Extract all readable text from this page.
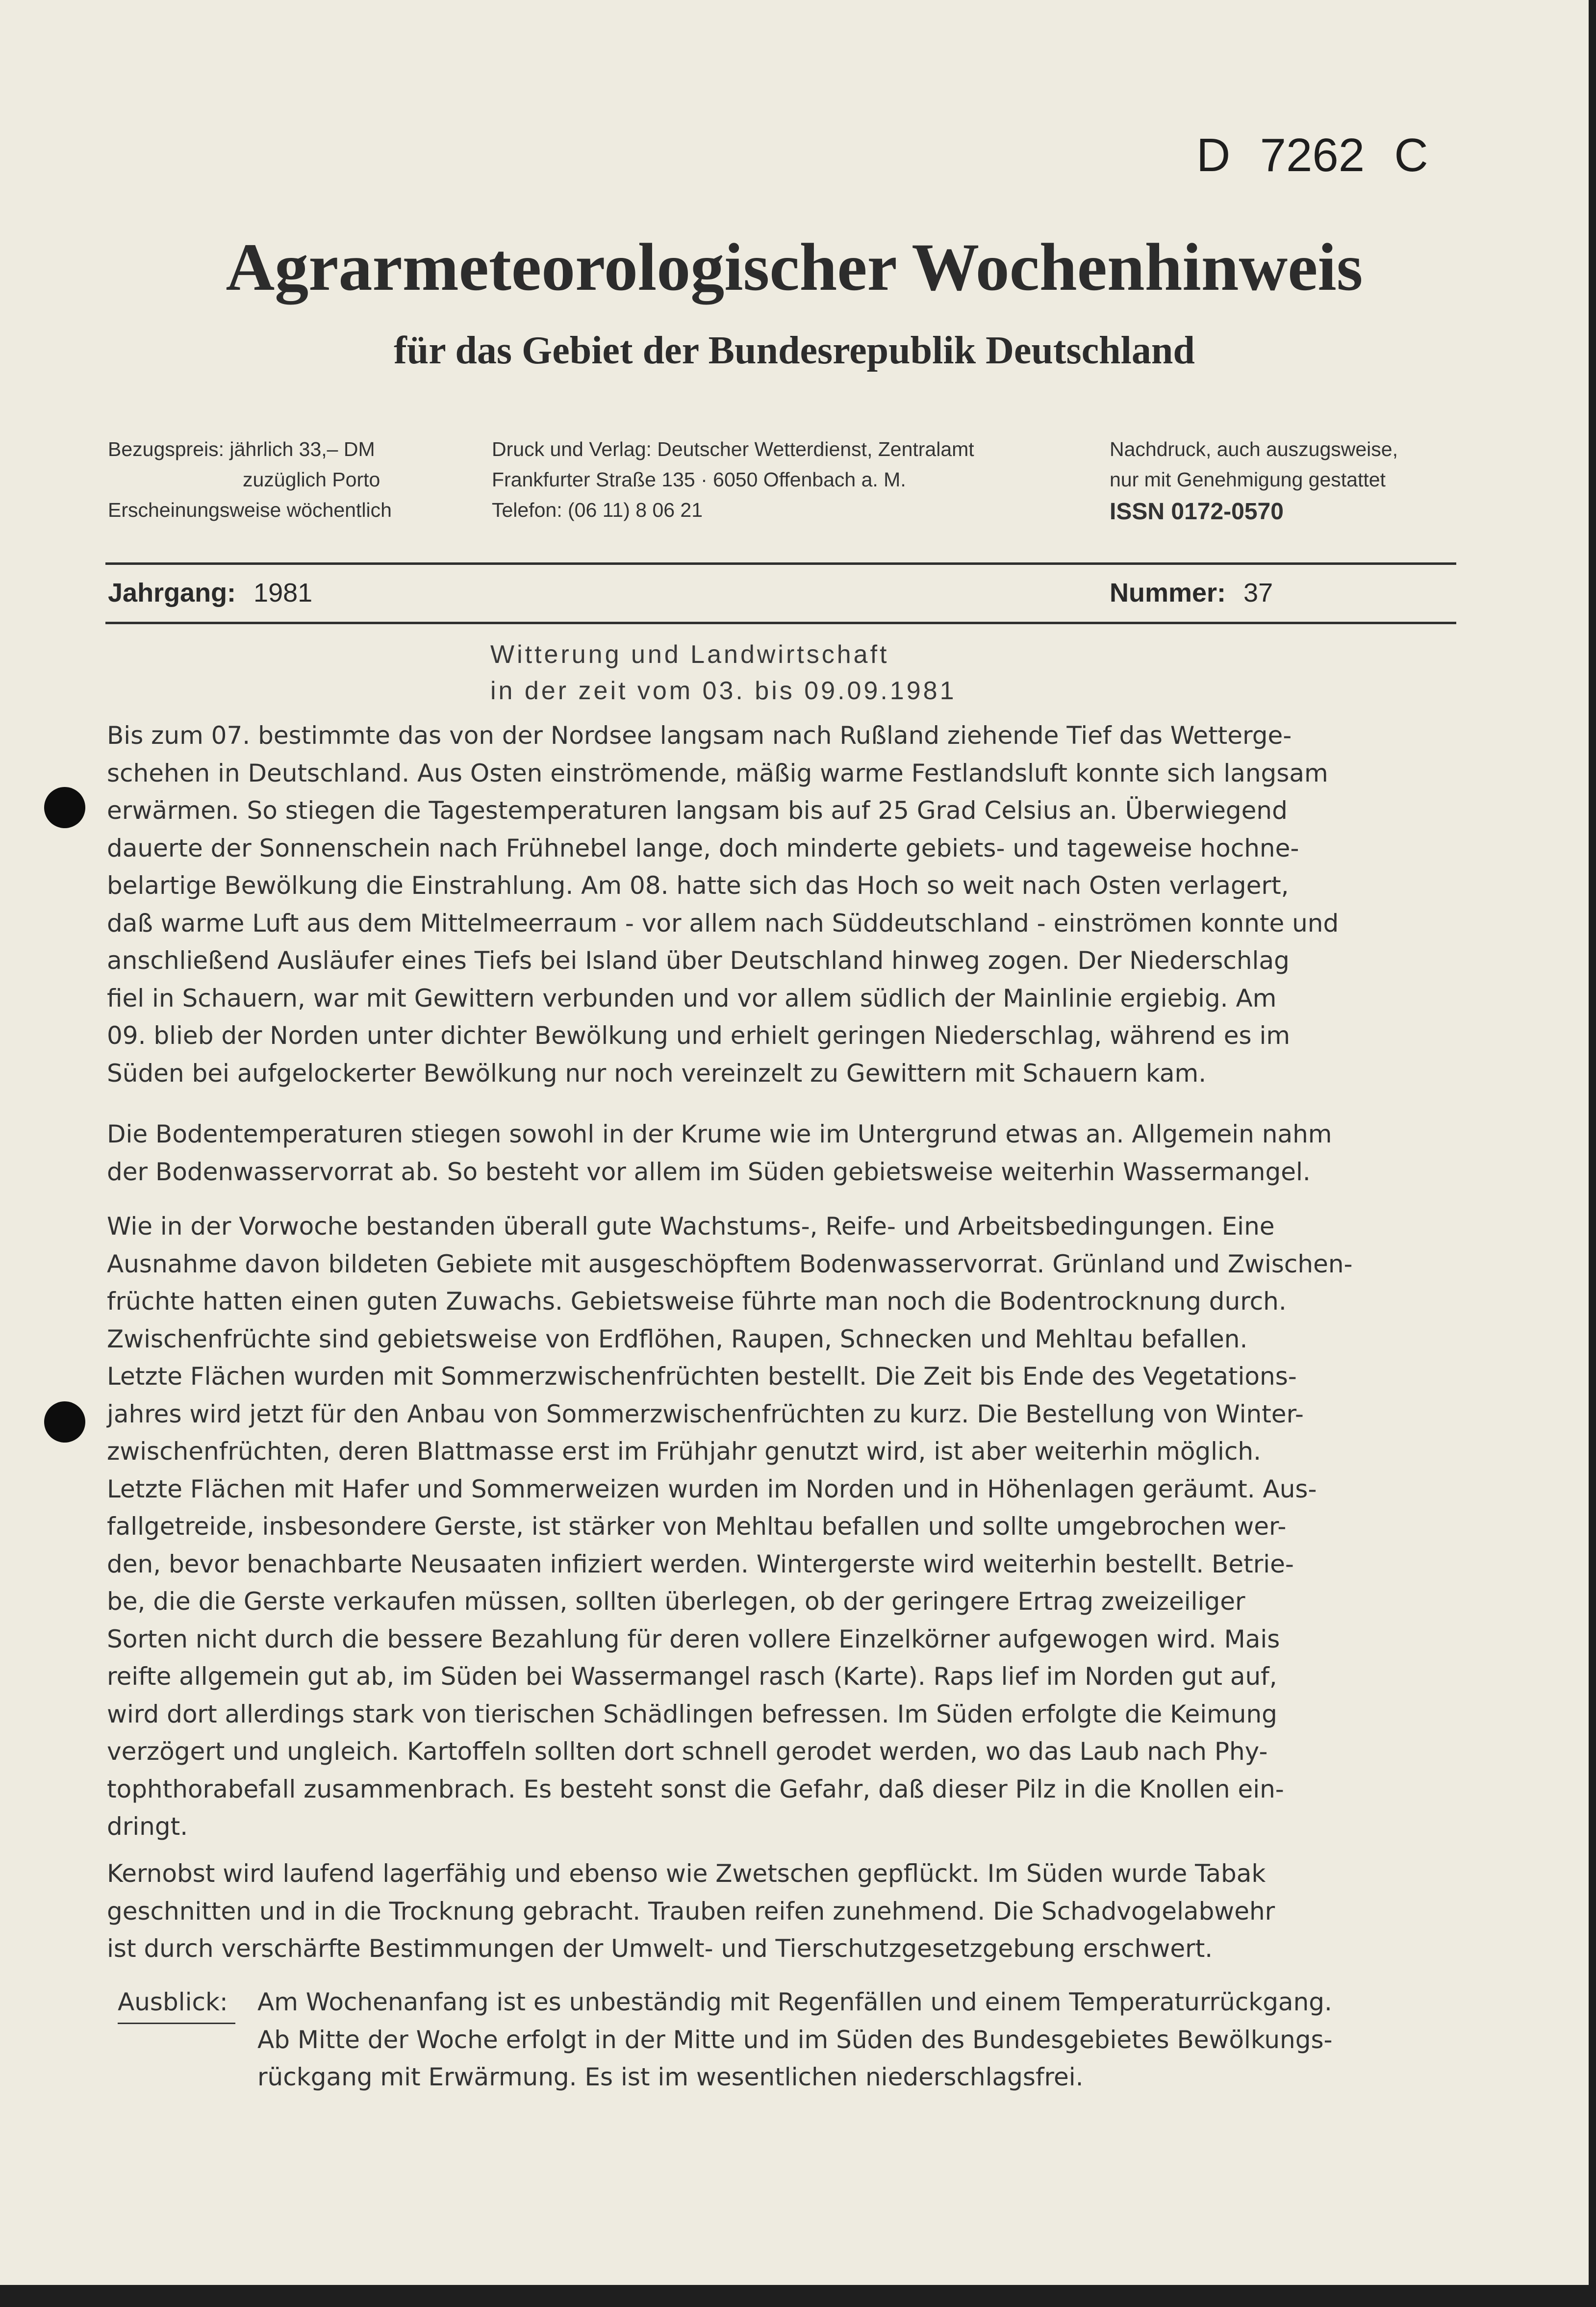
D 7262 C
Agrarmeteorologischer Wochenhinweis
für das Gebiet der Bundesrepublik Deutschland
Bezugspreis: jährlich 33,– DM
zuzüglich Porto
Erscheinungsweise wöchentlich
Druck und Verlag: Deutscher Wetterdienst, Zentralamt
Frankfurter Straße 135 · 6050 Offenbach a. M.
Telefon: (06 11) 8 06 21
Nachdruck, auch auszugsweise,
nur mit Genehmigung gestattet
ISSN 0172-0570
Jahrgang: 1981	Nummer: 37
Witterung und Landwirtschaft
in der zeit vom 03. bis 09.09.1981

Bis zum 07. bestimmte das von der Nordsee langsam nach Rußland ziehende Tief das Wetterge-
schehen in Deutschland. Aus Osten einströmende, mäßig warme Festlandsluft konnte sich langsam
erwärmen. So stiegen die Tagestemperaturen langsam bis auf 25 Grad Celsius an. Überwiegend
dauerte der Sonnenschein nach Frühnebel lange, doch minderte gebiets- und tageweise hochne-
belartige Bewölkung die Einstrahlung. Am 08. hatte sich das Hoch so weit nach Osten verlagert,
daß warme Luft aus dem Mittelmeerraum - vor allem nach Süddeutschland - einströmen konnte und
anschließend Ausläufer eines Tiefs bei Island über Deutschland hinweg zogen. Der Niederschlag
fiel in Schauern, war mit Gewittern verbunden und vor allem südlich der Mainlinie ergiebig. Am
09. blieb der Norden unter dichter Bewölkung und erhielt geringen Niederschlag, während es im
Süden bei aufgelockerter Bewölkung nur noch vereinzelt zu Gewittern mit Schauern kam.

Die Bodentemperaturen stiegen sowohl in der Krume wie im Untergrund etwas an. Allgemein nahm
der Bodenwasservorrat ab. So besteht vor allem im Süden gebietsweise weiterhin Wassermangel.

Wie in der Vorwoche bestanden überall gute Wachstums-, Reife- und Arbeitsbedingungen. Eine
Ausnahme davon bildeten Gebiete mit ausgeschöpftem Bodenwasservorrat. Grünland und Zwischen-
früchte hatten einen guten Zuwachs. Gebietsweise führte man noch die Bodentrocknung durch.
Zwischenfrüchte sind gebietsweise von Erdflöhen, Raupen, Schnecken und Mehltau befallen.
Letzte Flächen wurden mit Sommerzwischenfrüchten bestellt. Die Zeit bis Ende des Vegetations-
jahres wird jetzt für den Anbau von Sommerzwischenfrüchten zu kurz. Die Bestellung von Winter-
zwischenfrüchten, deren Blattmasse erst im Frühjahr genutzt wird, ist aber weiterhin möglich.
Letzte Flächen mit Hafer und Sommerweizen wurden im Norden und in Höhenlagen geräumt. Aus-
fallgetreide, insbesondere Gerste, ist stärker von Mehltau befallen und sollte umgebrochen wer-
den, bevor benachbarte Neusaaten infiziert werden. Wintergerste wird weiterhin bestellt. Betrie-
be, die die Gerste verkaufen müssen, sollten überlegen, ob der geringere Ertrag zweizeiliger
Sorten nicht durch die bessere Bezahlung für deren vollere Einzelkörner aufgewogen wird. Mais
reifte allgemein gut ab, im Süden bei Wassermangel rasch (Karte). Raps lief im Norden gut auf,
wird dort allerdings stark von tierischen Schädlingen befressen. Im Süden erfolgte die Keimung
verzögert und ungleich. Kartoffeln sollten dort schnell gerodet werden, wo das Laub nach Phy-
tophthorabefall zusammenbrach. Es besteht sonst die Gefahr, daß dieser Pilz in die Knollen ein-
dringt.

Kernobst wird laufend lagerfähig und ebenso wie Zwetschen gepflückt. Im Süden wurde Tabak
geschnitten und in die Trocknung gebracht. Trauben reifen zunehmend. Die Schadvogelabwehr
ist durch verschärfte Bestimmungen der Umwelt- und Tierschutzgesetzgebung erschwert.

Ausblick: Am Wochenanfang ist es unbeständig mit Regenfällen und einem Temperaturrückgang.
Ab Mitte der Woche erfolgt in der Mitte und im Süden des Bundesgebietes Bewölkungs-
rückgang mit Erwärmung. Es ist im wesentlichen niederschlagsfrei.
